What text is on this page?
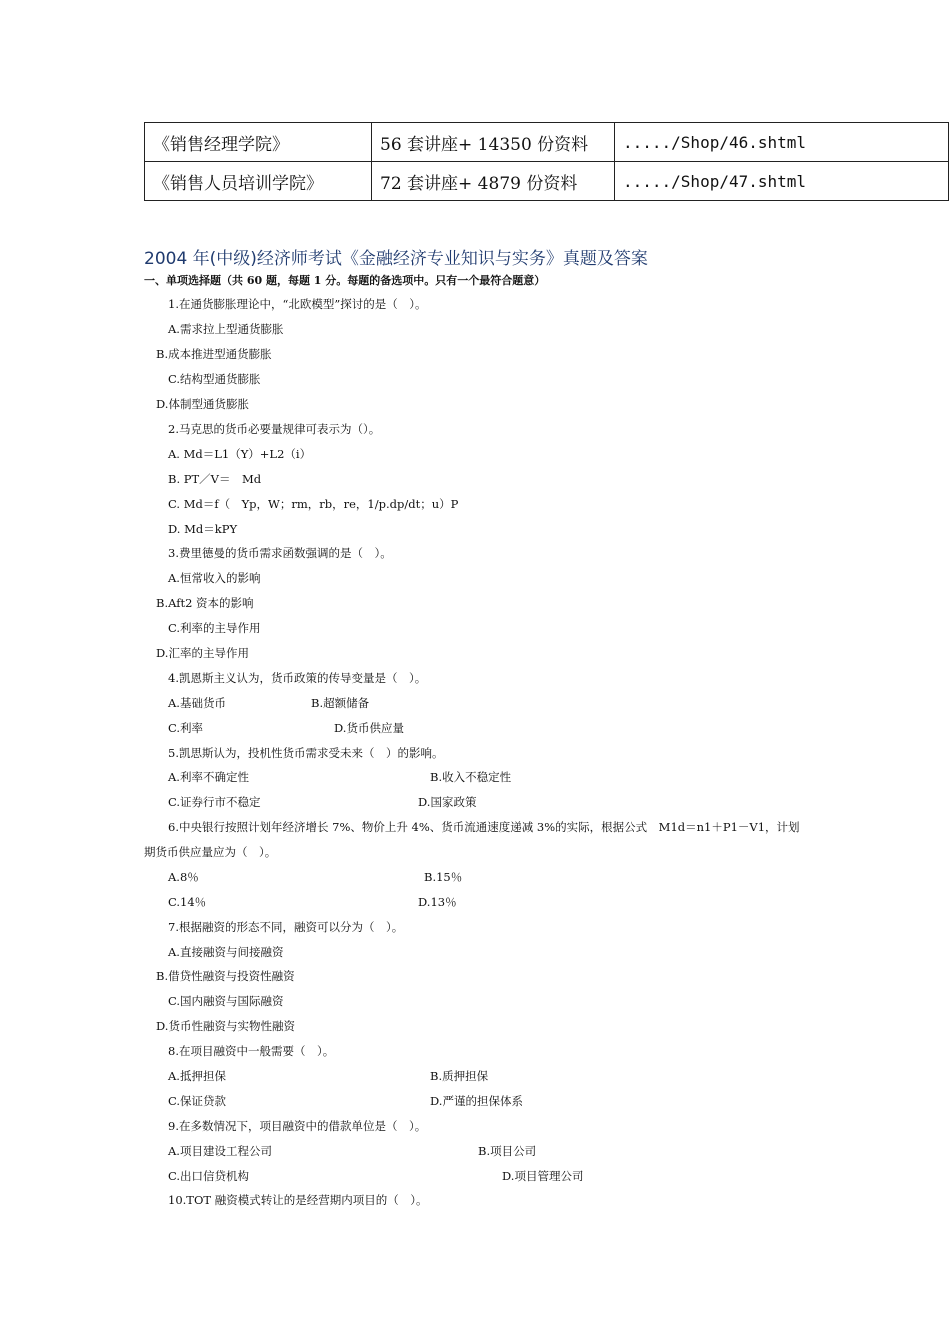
《销售经理学院》	56 套讲座+ 14350 份资料	...../Shop/46.shtml
《销售人员培训学院》	72 套讲座+ 4879 份资料	...../Shop/47.shtml
2004 年(中级)经济师考试《金融经济专业知识与实务》真题及答案
一、单项选择题（共 60 题，每题 1 分。每题的备选项中。只有一个最符合题意）
1.在通货膨胀理论中，“北欧模型”探讨的是（　）。
A.需求拉上型通货膨胀
B.成本推进型通货膨胀
C.结构型通货膨胀
D.体制型通货膨胀
2.马克思的货币必要量规律可表示为（）。
A. Md＝L1（Y）+L2（i）
B. PT／V＝　Md
C. Md＝f（　Yp，W；rm，rb，re，1/p.dp/dt；u）P
D. Md＝kPY
3.费里德曼的货币需求函数强调的是（　）。
A.恒常收入的影响
B.Aft2 资本的影响
C.利率的主导作用
D.汇率的主导作用
4.凯恩斯主义认为，货币政策的传导变量是（　）。
A.基础货币	B.超额储备
C.利率	D.货币供应量
5.凯思斯认为，投机性货币需求受未来（　）的影响。
A.利率不确定性	B.收入不稳定性
C.证券行市不稳定	D.国家政策
6.中央银行按照计划年经济增长 7%、物价上升 4%、货币流通速度递减 3%的实际，根据公式　M1d＝n1＋P1－V1，计划
期货币供应量应为（　）。
A.8％	B.15％
C.14％	D.13％
7.根据融资的形态不同，融资可以分为（　）。
A.直接融资与间接融资
B.借贷性融资与投资性融资
C.国内融资与国际融资
D.货币性融资与实物性融资
8.在项目融资中一般需要（　）。
A.抵押担保	B.质押担保
C.保证贷款	D.严谨的担保体系
9.在多数情况下，项目融资中的借款单位是（　）。
A.项目建设工程公司	B.项目公司
C.出口信贷机构	D.项目管理公司
10.TOT 融资模式转让的是经营期内项目的（　）。
